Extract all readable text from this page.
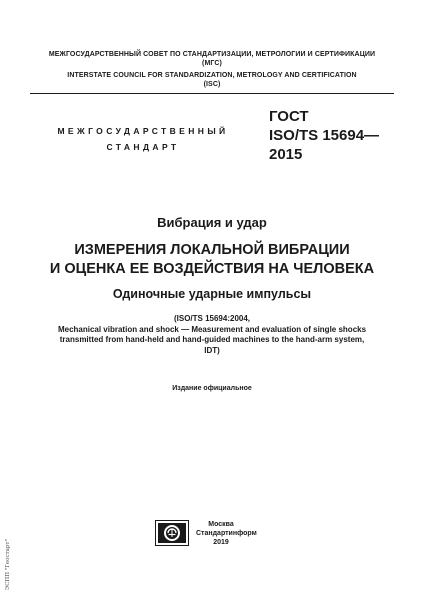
МЕЖГОСУДАРСТВЕННЫЙ СОВЕТ ПО СТАНДАРТИЗАЦИИ, МЕТРОЛОГИИ И СЕРТИФИКАЦИИ
(МГС)
INTERSTATE COUNCIL FOR STANDARDIZATION, METROLOGY AND CERTIFICATION
(ISC)
МЕЖГОСУДАРСТВЕННЫЙ
СТАНДАРТ
ГОСТ
ISO/TS 15694—
2015
Вибрация и удар
ИЗМЕРЕНИЯ ЛОКАЛЬНОЙ ВИБРАЦИИ
И ОЦЕНКА ЕЕ ВОЗДЕЙСТВИЯ НА ЧЕЛОВЕКА
Одиночные ударные импульсы
(ISO/TS 15694:2004,
Mechanical vibration and shock — Measurement and evaluation of single shocks
transmitted from hand-held and hand-guided machines to the hand-arm system,
IDT)
Издание официальное
Москва
Стандартинформ
2019
ЭСПП "Геостарт"
